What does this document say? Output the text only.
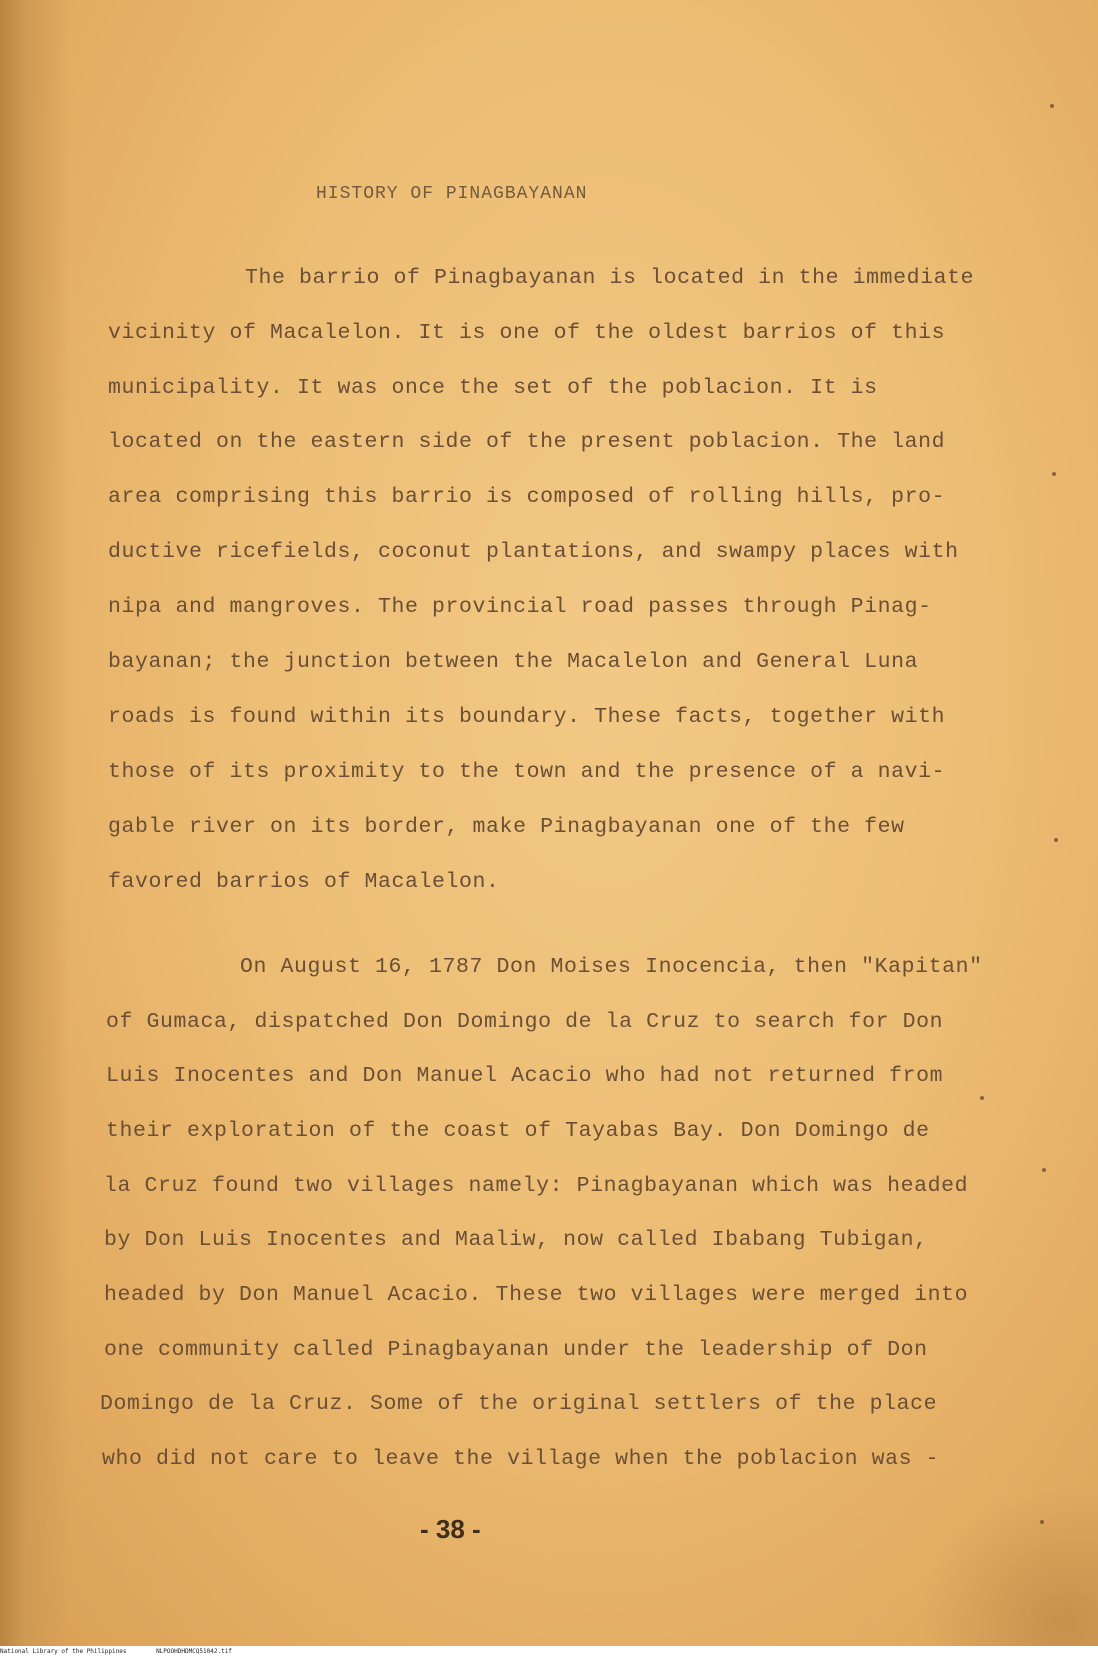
HISTORY OF PINAGBAYANAN
The barrio of Pinagbayanan is located in the immediate
vicinity of Macalelon. It is one of the oldest barrios of this
municipality. It was once the set of the poblacion. It is
located on the eastern side of the present poblacion. The land
area comprising this barrio is composed of rolling hills, pro-
ductive ricefields, coconut plantations, and swampy places with
nipa and mangroves. The provincial road passes through Pinag-
bayanan; the junction between the Macalelon and General Luna
roads is found within its boundary. These facts, together with
those of its proximity to the town and the presence of a navi-
gable river on its border, make Pinagbayanan one of the few
favored barrios of Macalelon.
On August 16, 1787 Don Moises Inocencia, then "Kapitan"
of Gumaca, dispatched Don Domingo de la Cruz to search for Don
Luis Inocentes and Don Manuel Acacio who had not returned from
their exploration of the coast of Tayabas Bay. Don Domingo de
la Cruz found two villages namely: Pinagbayanan which was headed
by Don Luis Inocentes and Maaliw, now called Ibabang Tubigan,
headed by Don Manuel Acacio. These two villages were merged into
one community called Pinagbayanan under the leadership of Don
Domingo de la Cruz. Some of the original settlers of the place
who did not care to leave the village when the poblacion was -
- 38 -
National Library of the Philippines	NLPOOHDHDMCQ51042.tif
